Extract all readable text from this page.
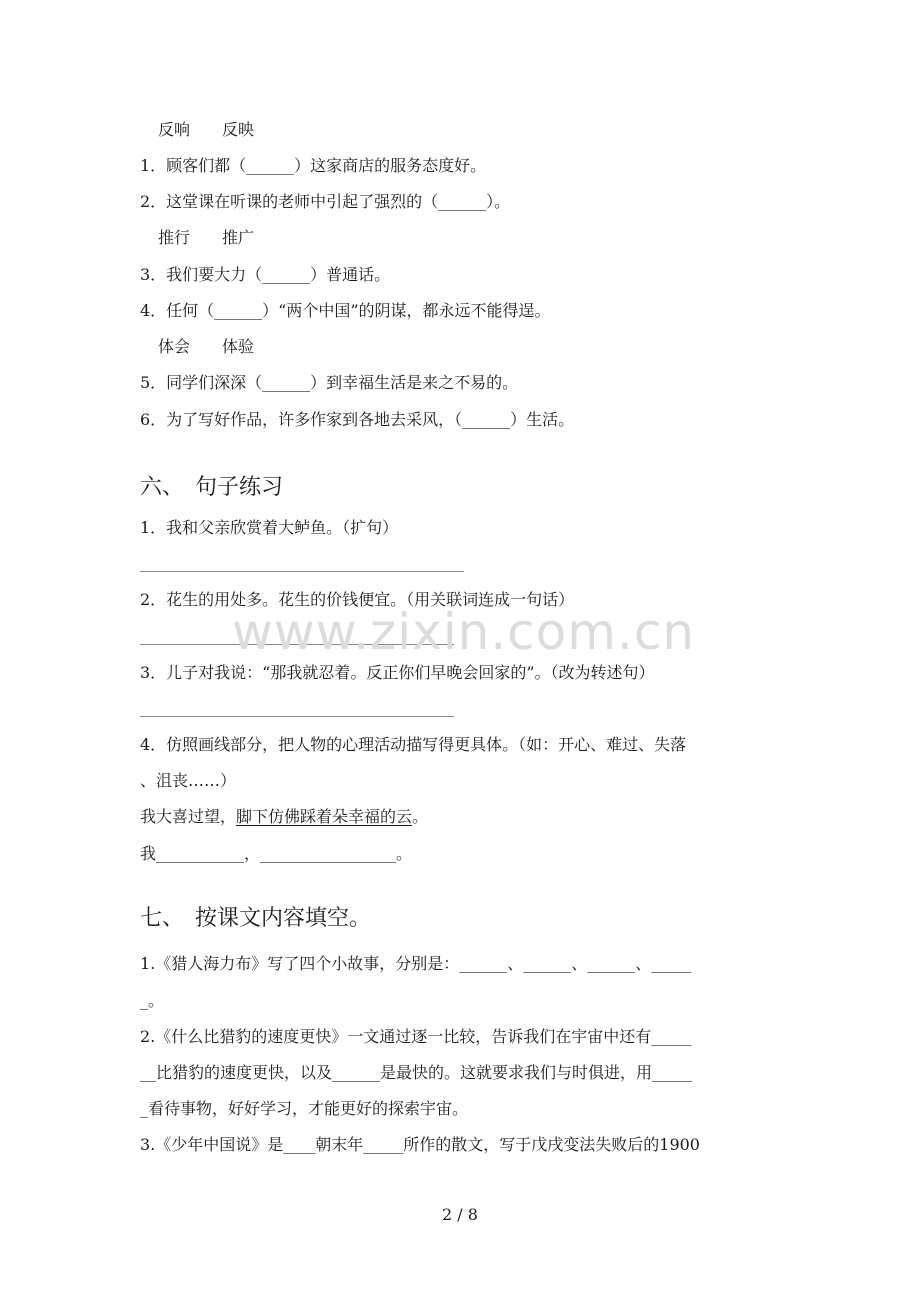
反响　　反映
1．顾客们都（______）这家商店的服务态度好。
2．这堂课在听课的老师中引起了强烈的（______）。
推行　　推广
3．我们要大力（______）普通话。
4．任何（______）“两个中国”的阴谋，都永远不能得逞。
体会　　体验
5．同学们深深（______）到幸福生活是来之不易的。
6．为了写好作品，许多作家到各地去采风，（______）生活。
六、　句子练习
1．我和父亲欣赏着大鲈鱼。（扩句）
2．花生的用处多。花生的价钱便宜。（用关联词连成一句话）
3．儿子对我说：“那我就忍着。反正你们早晚会回家的”。（改为转述句）
4．仿照画线部分，把人物的心理活动描写得更具体。（如：开心、难过、失落
、沮丧……）
我大喜过望，脚下仿佛踩着朵幸福的云。
我___________，_________________。
七、　按课文内容填空。
1.《猎人海力布》写了四个小故事，分别是：______、______、______、_____
_。
2.《什么比猎豹的速度更快》一文通过逐一比较，告诉我们在宇宙中还有_____
__比猎豹的速度更快，以及______是最快的。这就要求我们与时俱进，用_____
_看待事物，好好学习，才能更好的探索宇宙。
3.《少年中国说》是____朝末年_____所作的散文，写于戊戌变法失败后的1900
www.zixin.com.cn
2 / 8
